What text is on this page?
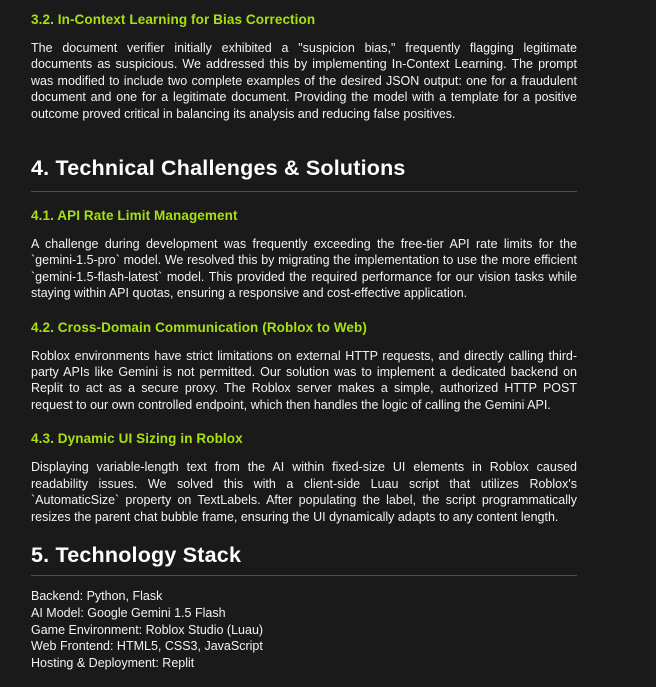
3.2. In-Context Learning for Bias Correction

The document verifier initially exhibited a "suspicion bias," frequently flagging legitimate documents as suspicious. We addressed this by implementing In-Context Learning. The prompt was modified to include two complete examples of the desired JSON output: one for a fraudulent document and one for a legitimate document. Providing the model with a template for a positive outcome proved critical in balancing its analysis and reducing false positives.

4. Technical Challenges & Solutions
4.1. API Rate Limit Management

A challenge during development was frequently exceeding the free-tier API rate limits for the `gemini-1.5-pro` model. We resolved this by migrating the implementation to use the more efficient `gemini-1.5-flash-latest` model. This provided the required performance for our vision tasks while staying within API quotas, ensuring a responsive and cost-effective application.

4.2. Cross-Domain Communication (Roblox to Web)

Roblox environments have strict limitations on external HTTP requests, and directly calling third-party APIs like Gemini is not permitted. Our solution was to implement a dedicated backend on Replit to act as a secure proxy. The Roblox server makes a simple, authorized HTTP POST request to our own controlled endpoint, which then handles the logic of calling the Gemini API.

4.3. Dynamic UI Sizing in Roblox

Displaying variable-length text from the AI within fixed-size UI elements in Roblox caused readability issues. We solved this with a client-side Luau script that utilizes Roblox's `AutomaticSize` property on TextLabels. After populating the label, the script programmatically resizes the parent chat bubble frame, ensuring the UI dynamically adapts to any content length.

5. Technology Stack
Backend: Python, Flask
AI Model: Google Gemini 1.5 Flash
Game Environment: Roblox Studio (Luau)
Web Frontend: HTML5, CSS3, JavaScript
Hosting & Deployment: Replit
